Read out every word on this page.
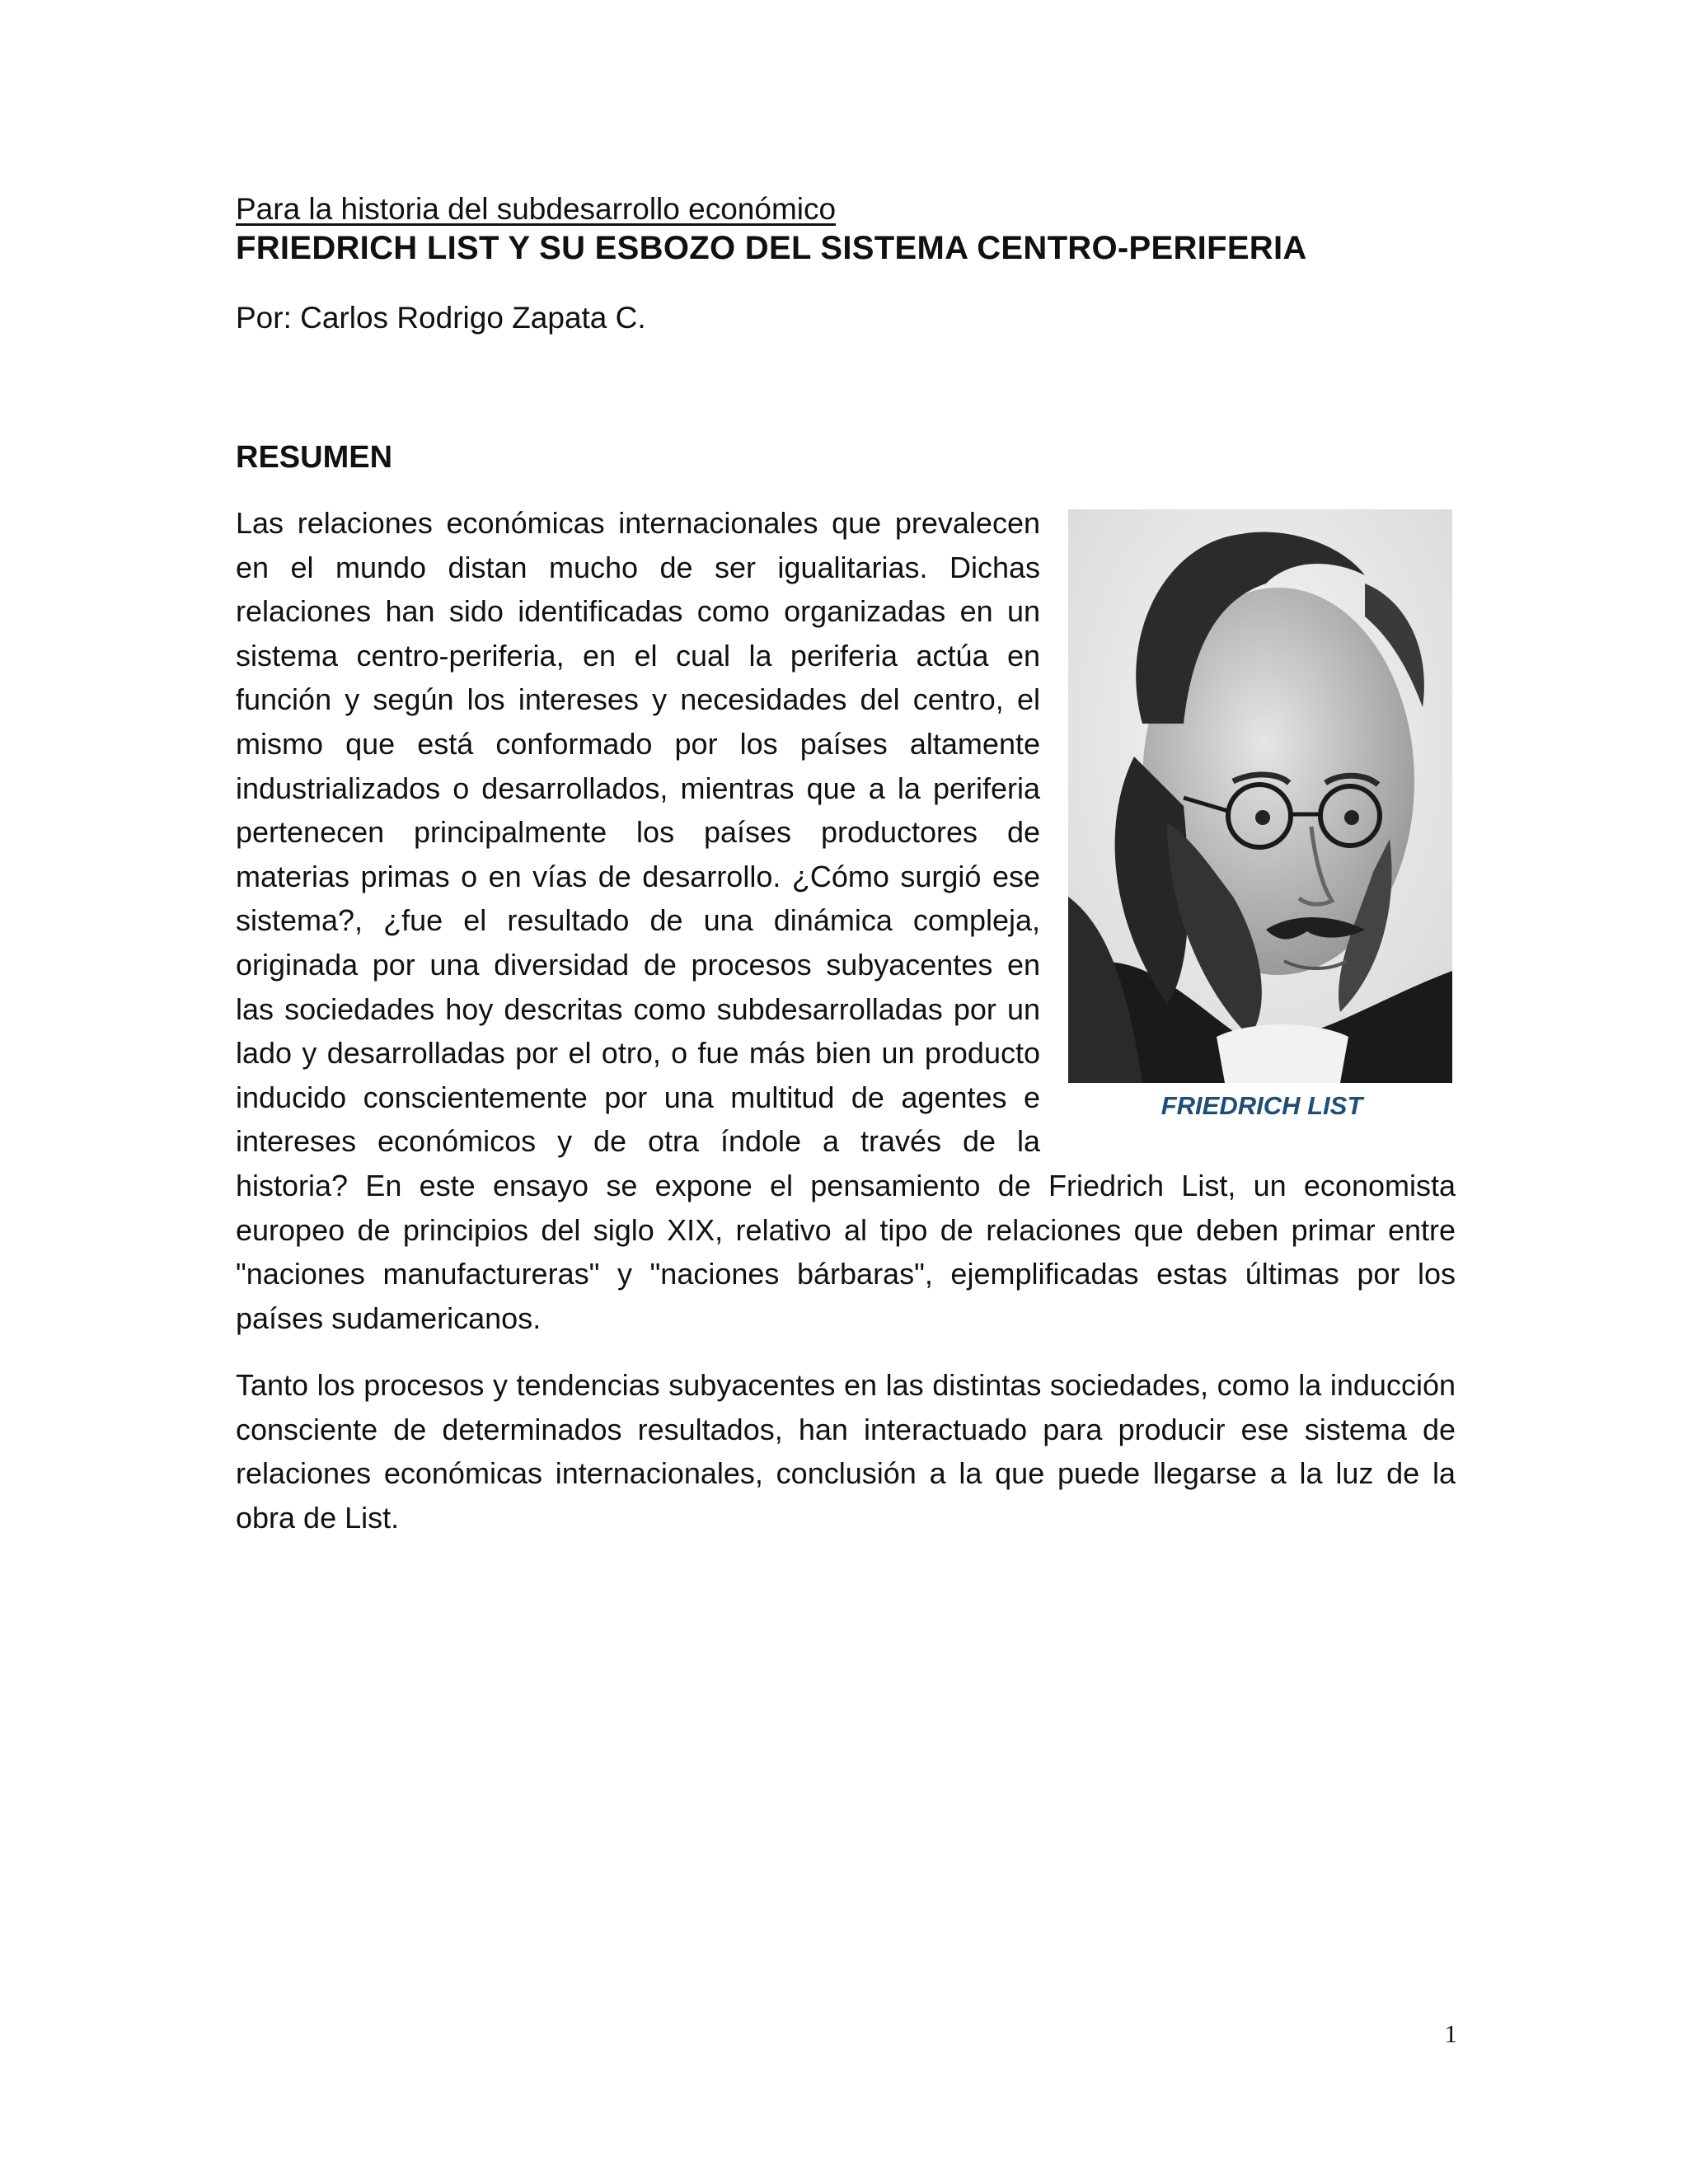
Para la historia del subdesarrollo económico

FRIEDRICH LIST Y SU ESBOZO DEL SISTEMA CENTRO-PERIFERIA

Por: Carlos Rodrigo Zapata C.

RESUMEN

FRIEDRICH LIST
Las relaciones económicas internacionales que prevalecen en el mundo distan mucho de ser igualitarias. Dichas relaciones han sido identificadas como organizadas en un sistema centro-periferia, en el cual la periferia actúa en función y según los intereses y necesidades del centro, el mismo que está conformado por los países altamente industrializados o desarrollados, mientras que a la periferia pertenecen principalmente los países productores de materias primas o en vías de desarrollo. ¿Cómo surgió ese sistema?, ¿fue el resultado de una dinámica compleja, originada por una diversidad de procesos subyacentes en las sociedades hoy descritas como subdesarrolladas por un lado y desarrolladas por el otro, o fue más bien un producto inducido conscientemente por una multitud de agentes e intereses económicos y de otra índole a través de la historia? En este ensayo se expone el pensamiento de Friedrich List, un economista europeo de principios del siglo XIX, relativo al tipo de relaciones que deben primar entre "naciones manufactureras" y "naciones bárbaras", ejemplificadas estas últimas por los países sudamericanos.

Tanto los procesos y tendencias subyacentes en las distintas sociedades, como la inducción consciente de determinados resultados, han interactuado para producir ese sistema de relaciones económicas internacionales, conclusión a la que puede llegarse a la luz de la obra de List.

1
